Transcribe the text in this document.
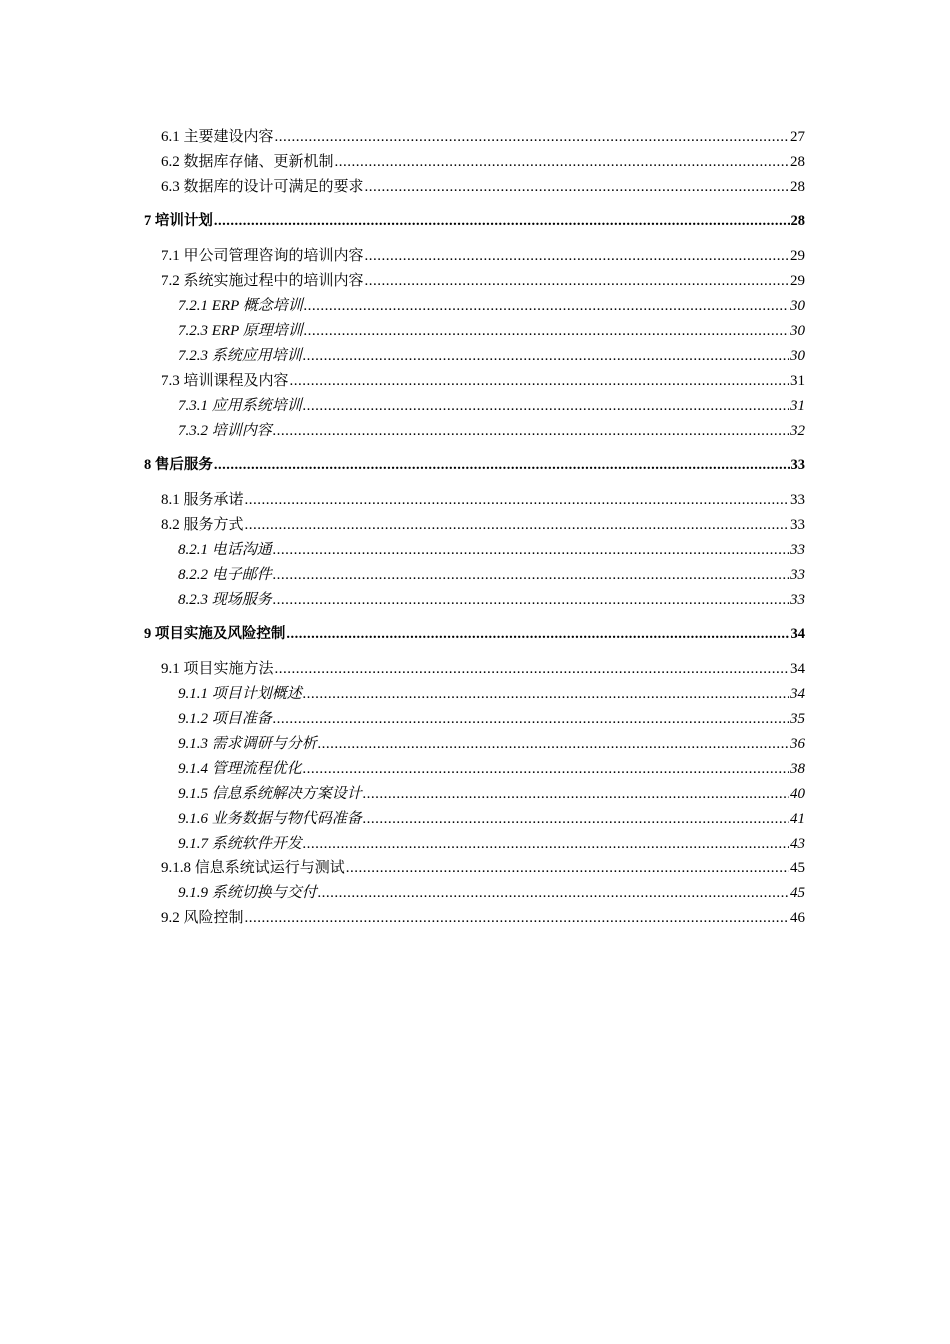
6.1 主要建设内容 .....	27
6.2 数据库存储、更新机制 .....	28
6.3 数据库的设计可满足的要求 .....	28
7 培训计划 .....	28
7.1 甲公司管理咨询的培训内容 .....	29
7.2 系统实施过程中的培训内容 .....	29
7.2.1 ERP 概念培训 .....	30
7.2.3 ERP 原理培训 .....	30
7.2.3 系统应用培训 .....	30
7.3 培训课程及内容 .....	31
7.3.1 应用系统培训 .....	31
7.3.2 培训内容 .....	32
8 售后服务 .....	33
8.1 服务承诺 .....	33
8.2 服务方式 .....	33
8.2.1 电话沟通 .....	33
8.2.2 电子邮件 .....	33
8.2.3 现场服务 .....	33
9 项目实施及风险控制 .....	34
9.1 项目实施方法 .....	34
9.1.1 项目计划概述 .....	34
9.1.2 项目准备 .....	35
9.1.3 需求调研与分析 .....	36
9.1.4 管理流程优化 .....	38
9.1.5 信息系统解决方案设计 .....	40
9.1.6 业务数据与物代码准备 .....	41
9.1.7 系统软件开发 .....	43
9.1.8 信息系统试运行与测试 .....	45
9.1.9 系统切换与交付 .....	45
9.2 风险控制 .....	46
